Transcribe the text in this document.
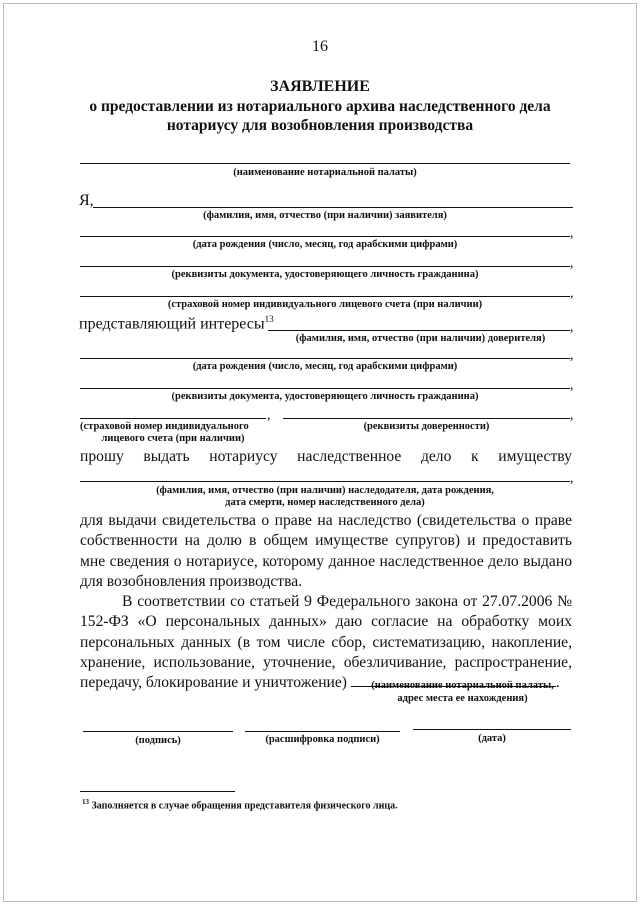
16
ЗАЯВЛЕНИЕ
о предоставлении из нотариального архива наследственного дела
нотариусу для возобновления производства
(наименование нотариальной палаты)
Я,
(фамилия, имя, отчество (при наличии) заявителя)
,
(дата рождения (число, месяц, год арабскими цифрами)
,
(реквизиты документа, удостоверяющего личность гражданина)
,
(страховой номер индивидуального лицевого счета (при наличии)
представляющий интересы$^{13}$
,
(фамилия, имя, отчество (при наличии) доверителя)
,
(дата рождения (число, месяц, год арабскими цифрами)
,
(реквизиты документа, удостоверяющего личность гражданина)
,	,
(страховой номер индивидуального
лицевого счета (при наличии)
(реквизиты доверенности)
прошу выдать нотариусу наследственное дело к имуществу
,
(фамилия, имя, отчество (при наличии) наследодателя, дата рождения,
дата смерти, номер наследственного дела)
для выдачи свидетельства о праве на наследство (свидетельства о праве собственности на долю в общем имуществе супругов) и предоставить мне сведения о нотариусе, которому данное наследственное дело выдано для возобновления производства.
В соответствии со статьей 9 Федерального закона от 27.07.2006 № 152-ФЗ «О персональных данных» даю согласие на обработку моих персональных данных (в том числе сбор, систематизацию, накопление, хранение, использование, уточнение, обезличивание, распространение, передачу, блокирование и уничтожение)	.
(наименование нотариальной палаты,
адрес места ее нахождения)
(подпись)	(расшифровка подписи)	(дата)
$^{13}$ Заполняется в случае обращения представителя физического лица.
